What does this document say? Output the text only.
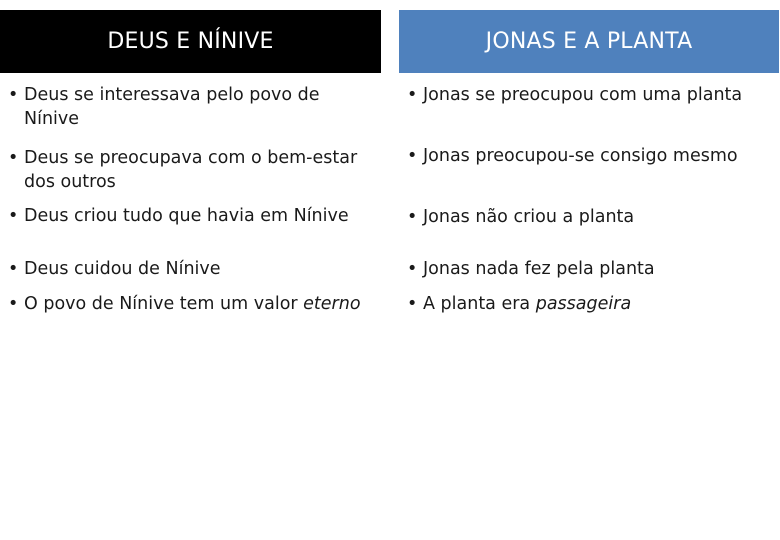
DEUS E NÍNIVE	JONAS E A PLANTA
• Deus se interessava pelo povo de Nínive
• Deus se preocupava com o bem-estar dos outros
• Deus criou tudo que havia em Nínive
• Deus cuidou de Nínive
• O povo de Nínive tem um valor eterno
• Jonas se preocupou com uma planta
• Jonas preocupou-se consigo mesmo
• Jonas não criou a planta
• Jonas nada fez pela planta
• A planta era passageira
